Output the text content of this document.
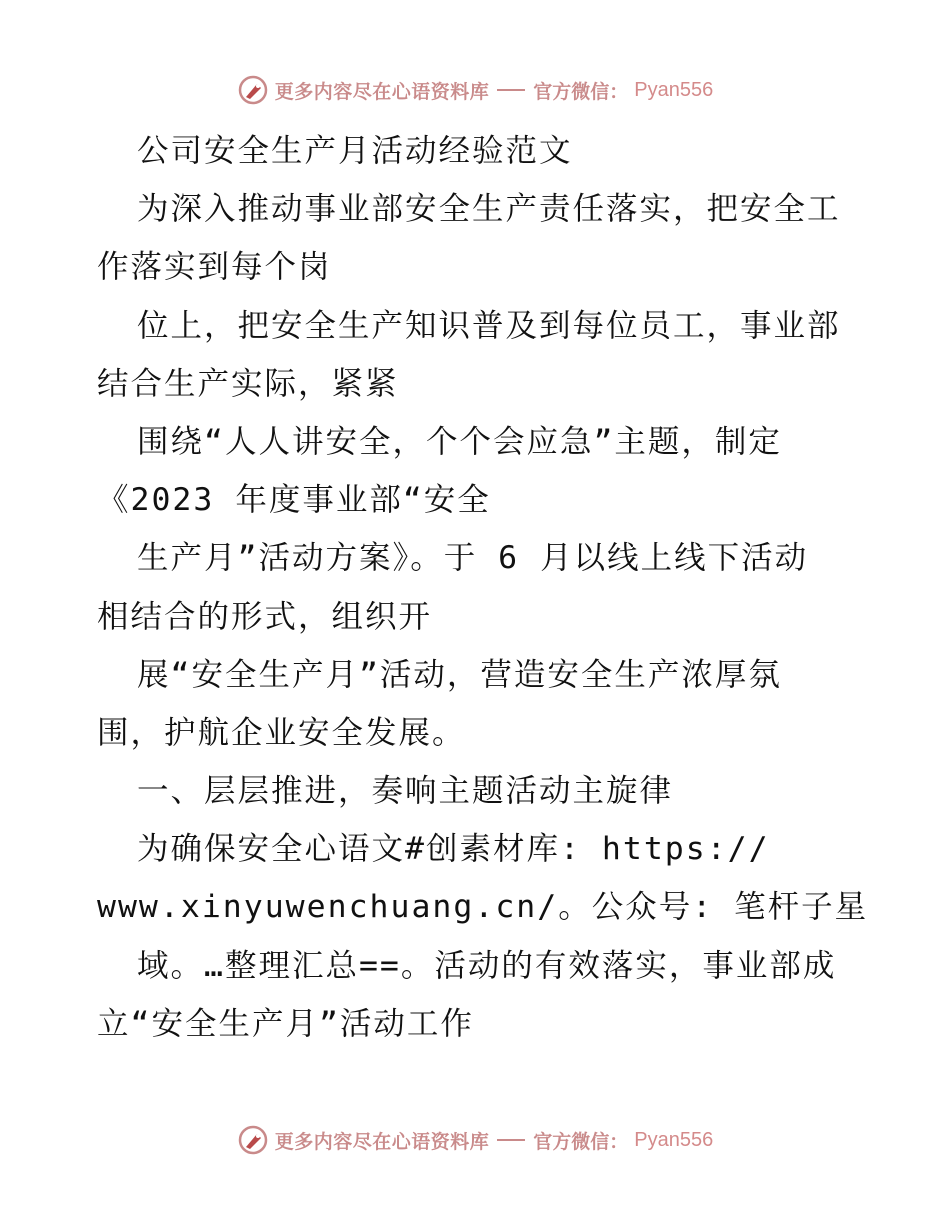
更多内容尽在心语资料库 官方微信： Pyan556
公司安全生产月活动经验范文
为深入推动事业部安全生产责任落实，把安全工
作落实到每个岗
位上，把安全生产知识普及到每位员工，事业部
结合生产实际，紧紧
围绕“人人讲安全，个个会应急”主题，制定
《2023 年度事业部“安全
生产月”活动方案》。于 6 月以线上线下活动
相结合的形式，组织开
展“安全生产月”活动，营造安全生产浓厚氛
围，护航企业安全发展。
一、层层推进，奏响主题活动主旋律
为确保安全心语文#创素材库: https://
www.xinyuwenchuang.cn/。公众号: 笔杆子星
域。…整理汇总==。活动的有效落实，事业部成
立“安全生产月”活动工作
更多内容尽在心语资料库 官方微信： Pyan556
